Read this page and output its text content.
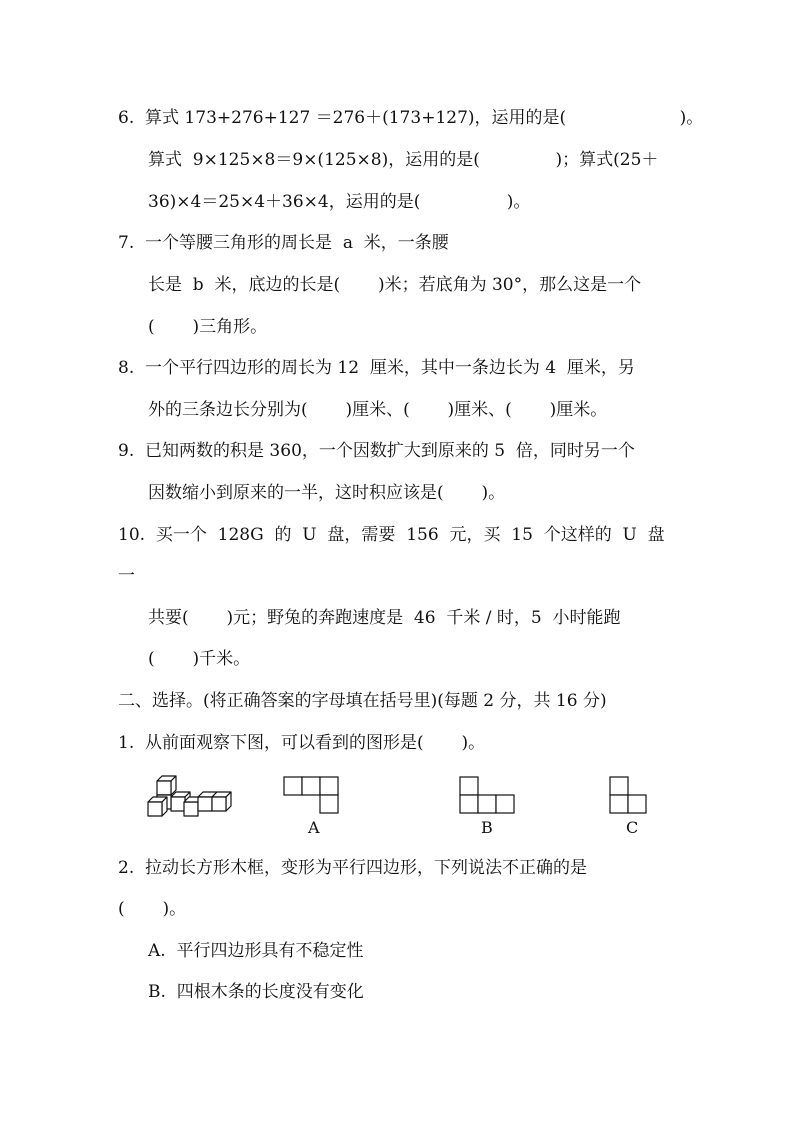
6.  算式 173+276+127 ＝276＋(173+127)，运用的是(                     )。
算式  9×125×8＝9×(125×8)，运用的是(              )；算式(25＋
36)×4＝25×4＋36×4，运用的是(                )。
7.  一个等腰三角形的周长是  a  米，一条腰
长是  b  米，底边的长是(       )米；若底角为 30°，那么这是一个
(       )三角形。
8.  一个平行四边形的周长为 12  厘米，其中一条边长为 4  厘米，另
外的三条边长分别为(       )厘米、(       )厘米、(       )厘米。
9.  已知两数的积是 360，一个因数扩大到原来的 5  倍，同时另一个
因数缩小到原来的一半，这时积应该是(       )。
10.  买一个  128G  的  U  盘，需要  156  元，买  15  个这样的  U  盘
一
共要(       )元；野兔的奔跑速度是  46  千米 / 时，5  小时能跑
(       )千米。
二、选择。(将正确答案的字母填在括号里)(每题 2 分，共 16 分)
1.  从前面观察下图，可以看到的图形是(       )。
A	B	C
2.  拉动长方形木框，变形为平行四边形，下列说法不正确的是
(       )。
A.  平行四边形具有不稳定性
B.  四根木条的长度没有变化
